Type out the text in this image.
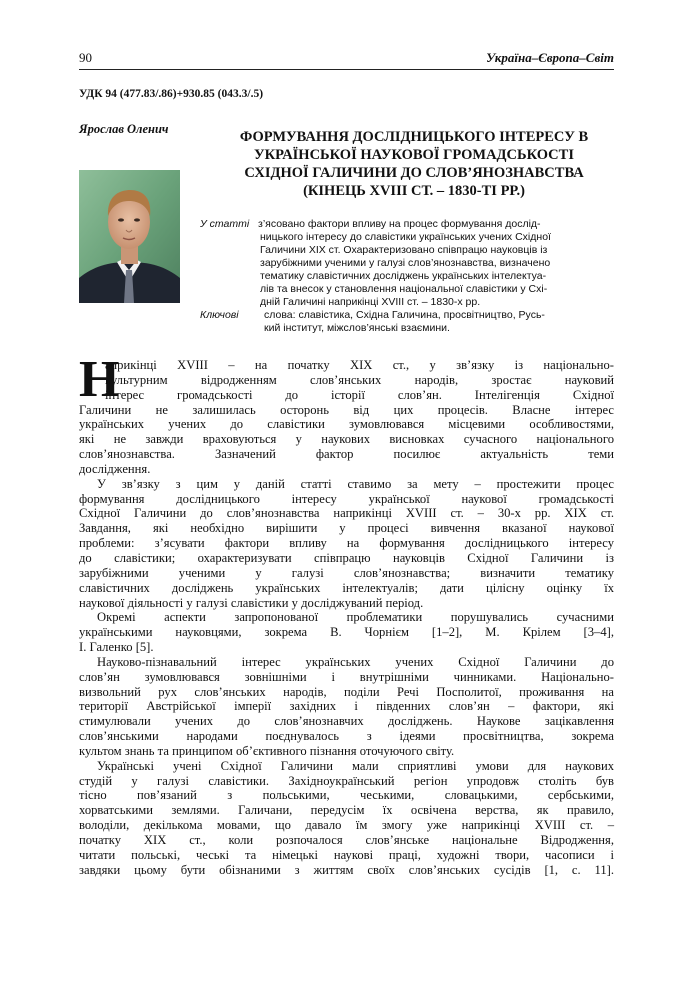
90	Україна–Європа–Світ
УДК 94 (477.83/.86)+930.85 (043.3/.5)
Ярослав Оленич	ФОРМУВАННЯ ДОСЛІДНИЦЬКОГО ІНТЕРЕСУ В
УКРАЇНСЬКОЇ НАУКОВОЇ ГРОМАДСЬКОСТІ
СХІДНОЇ ГАЛИЧИНИ ДО СЛОВ’ЯНОЗНАВСТВА
(КІНЕЦЬ XVIII СТ. – 1830-ТІ РР.)
У статті з’ясовано фактори впливу на процес формування дослід-
ницького інтересу до славістики українських учених Східної
Галичини XIX ст. Охарактеризовано співпрацю науковців із
зарубіжними ученими у галузі слов’янознавства, визначено
тематику славістичних досліджень українських інтелектуа-
лів та внесок у становлення національної славістики у Схі-
дній Галичині наприкінці XVIII ст. – 1830-х рр.
Ключові слова: славістика, Східна Галичина, просвітництво, Русь-
кий інститут, міжслов’янські взаємини.
Н
априкінці XVIII – на початку XIX ст., у зв’язку із національно-
культурним відродженням слов’янських народів, зростає науковий
інтерес громадськості до історії слов’ян. Інтелігенція Східної
Галичини не залишилась осторонь від цих процесів. Власне інтерес
українських учених до славістики зумовлювався місцевими особливостями,
які не завжди враховуються у наукових висновках сучасного національного
слов’янознавства. Зазначений фактор посилює актуальність теми
дослідження.
У зв’язку з цим у даній статті ставимо за мету – простежити процес
формування дослідницького інтересу української наукової громадськості
Східної Галичини до слов’янознавства наприкінці XVIII ст. – 30-х рр. XIX ст.
Завдання, які необхідно вирішити у процесі вивчення вказаної наукової
проблеми: з’ясувати фактори впливу на формування дослідницького інтересу
до славістики; охарактеризувати співпрацю науковців Східної Галичини із
зарубіжними ученими у галузі слов’янознавства; визначити тематику
славістичних досліджень українських інтелектуалів; дати цілісну оцінку їх
наукової діяльності у галузі славістики у досліджуваний період.
Окремі аспекти запропонованої проблематики порушувались сучасними
українськими науковцями, зокрема В. Чорнієм [1–2], М. Крілем [3–4],
І. Галенко [5].
Науково-пізнавальний інтерес українських учених Східної Галичини до
слов’ян зумовлювався зовнішніми і внутрішніми чинниками. Національно-
визвольний рух слов’янських народів, поділи Речі Посполитої, проживання на
території Австрійської імперії західних і південних слов’ян – фактори, які
стимулювали учених до слов’янознавчих досліджень. Наукове зацікавлення
слов’янськими народами поєднувалось з ідеями просвітництва, зокрема
культом знань та принципом об’єктивного пізнання оточуючого світу.
Українські учені Східної Галичини мали сприятливі умови для наукових
студій у галузі славістики. Західноукраїнський регіон упродовж століть був
тісно пов’язаний з польськими, чеськими, словацькими, сербськими,
хорватськими землями. Галичани, передусім їх освічена верства, як правило,
володіли, декількома мовами, що давало їм змогу уже наприкінці XVIII ст. –
початку XIX ст., коли розпочалося слов’янське національне Відродження,
читати польські, чеські та німецькі наукові праці, художні твори, часописи і
завдяки цьому бути обізнаними з життям своїх слов’янських сусідів [1, с. 11].
